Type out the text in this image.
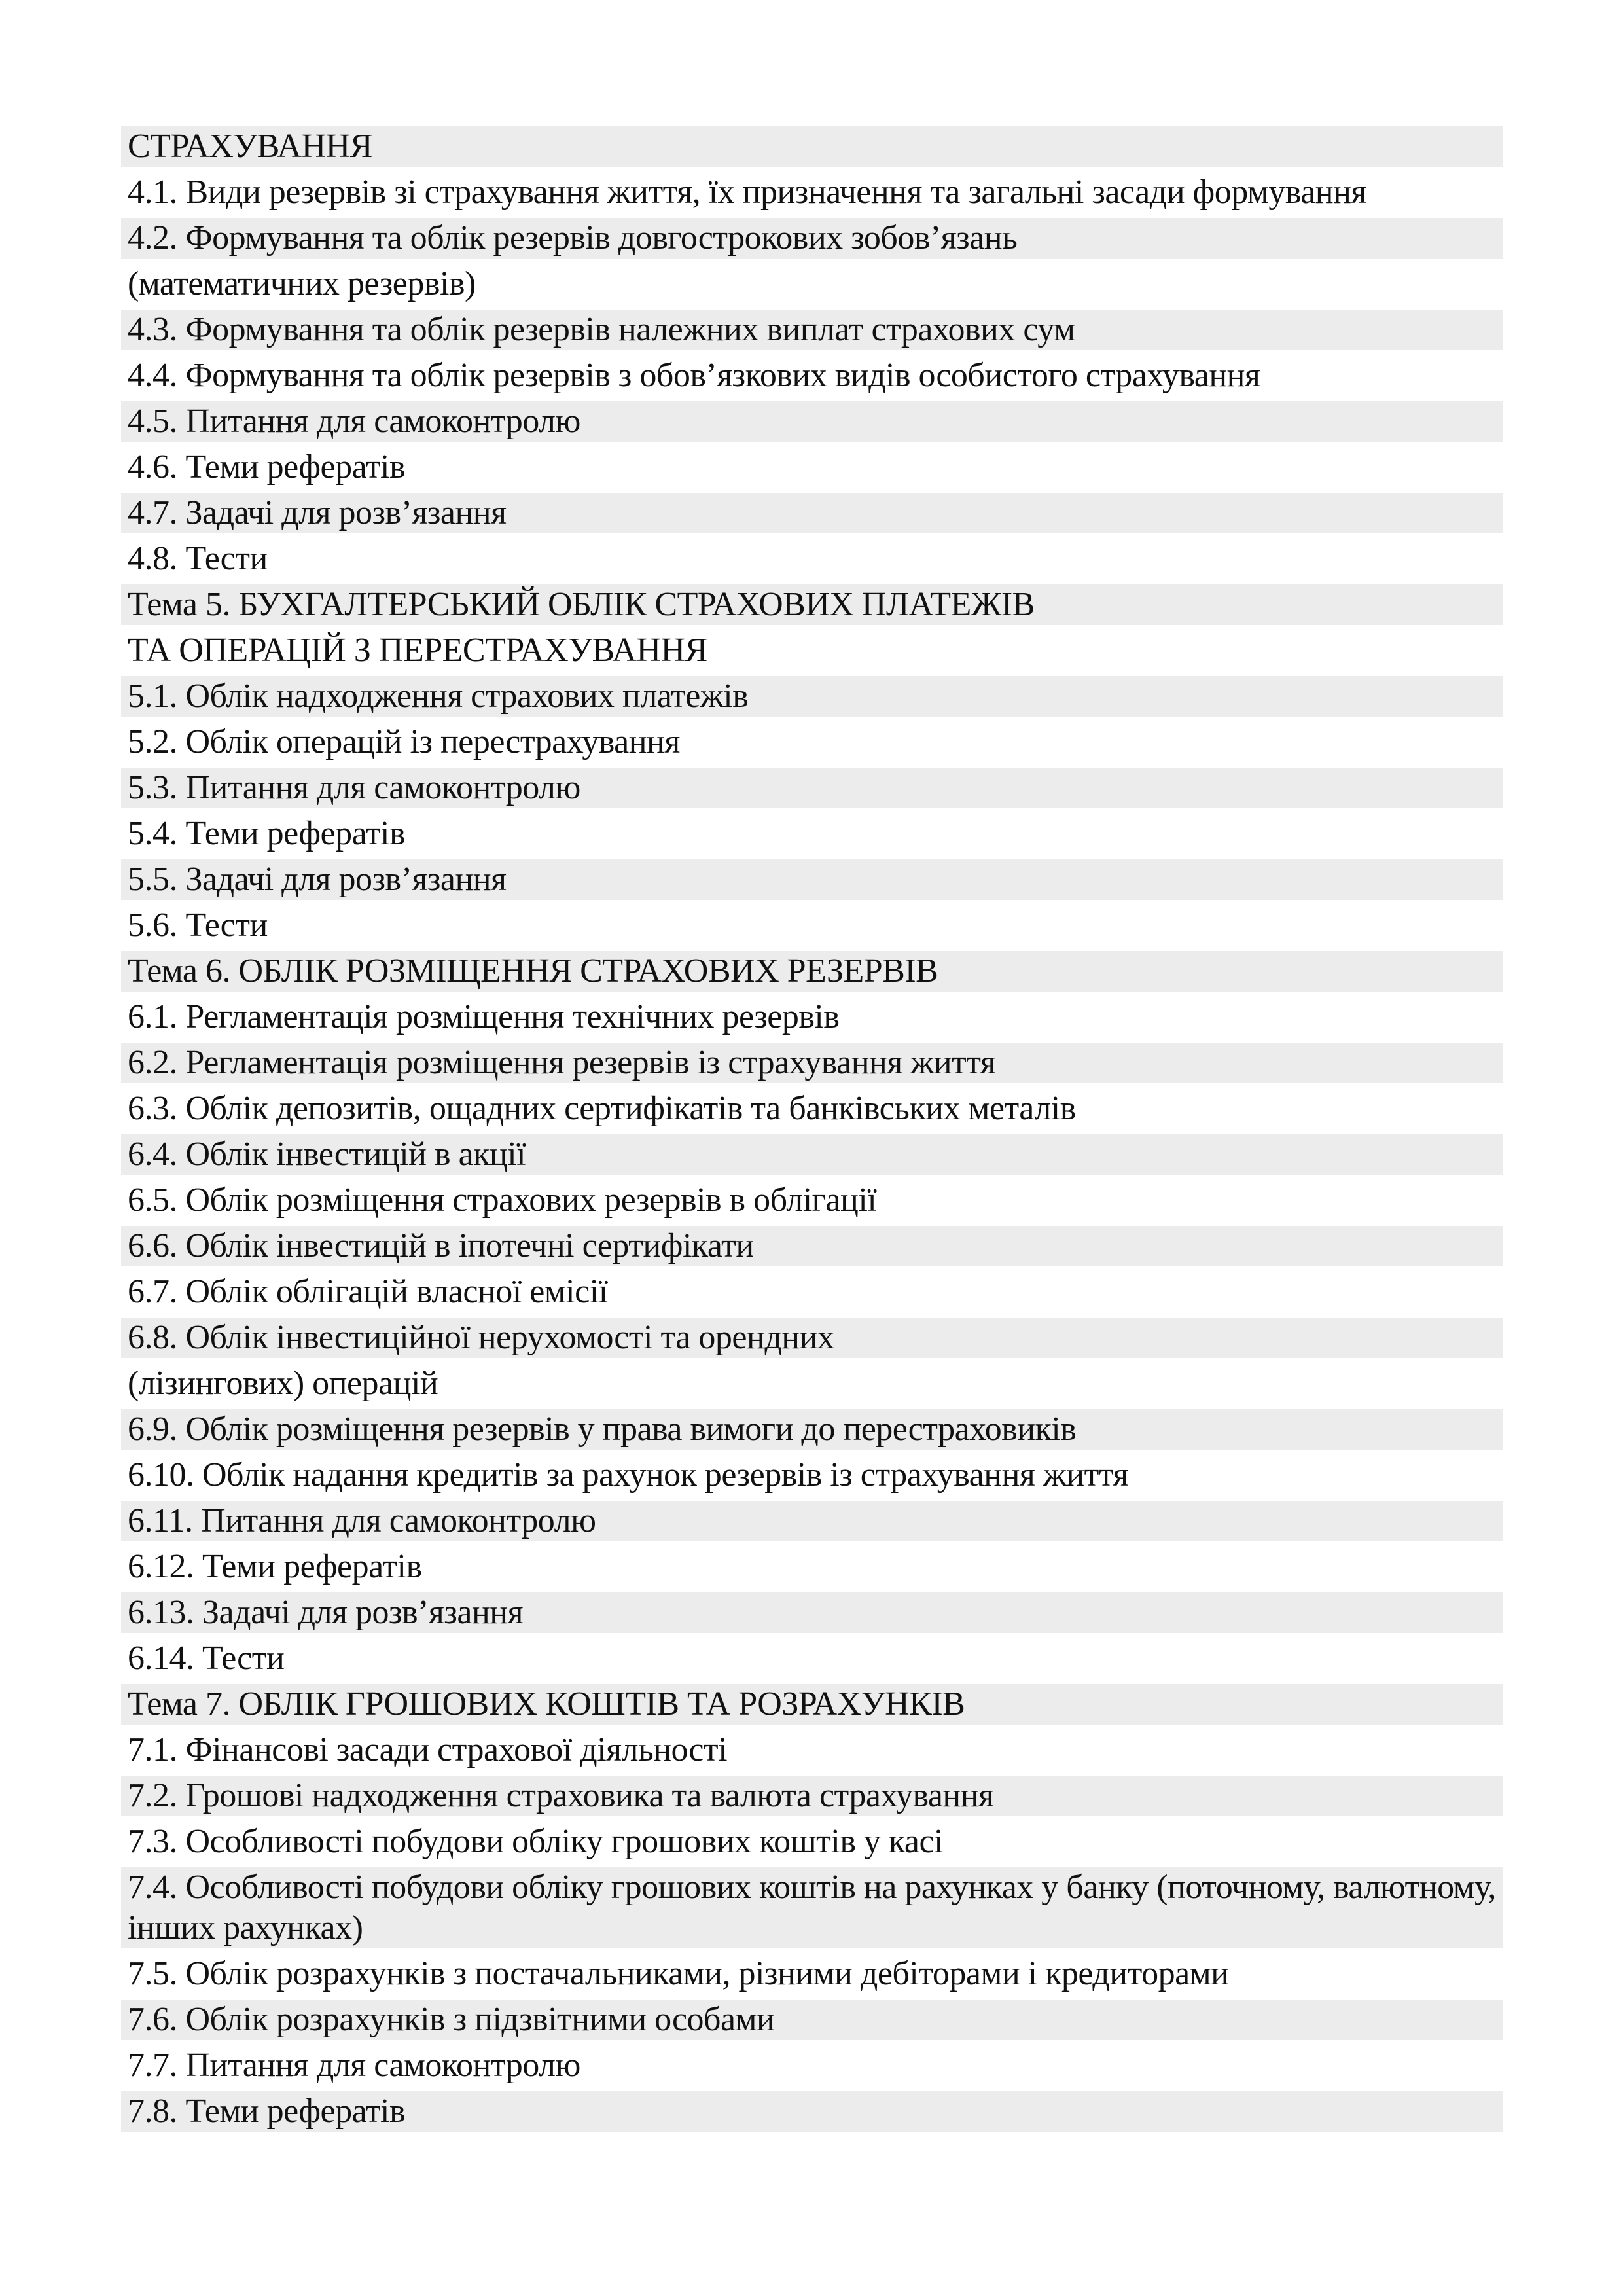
СТРАХУВАННЯ
4.1. Види резервів зі страхування життя, їх призначення та загальні засади формування
4.2. Формування та облік резервів довгострокових зобов’язань
(математичних резервів)
4.3. Формування та облік резервів належних виплат страхових сум
4.4. Формування та облік резервів з обов’язкових видів особистого страхування
4.5. Питання для самоконтролю
4.6. Теми рефератів
4.7. Задачі для розв’язання
4.8. Тести
Тема 5. БУХГАЛТЕРСЬКИЙ ОБЛІК СТРАХОВИХ ПЛАТЕЖІВ
ТА ОПЕРАЦІЙ З ПЕРЕСТРАХУВАННЯ
5.1. Облік надходження страхових платежів
5.2. Облік операцій із перестрахування
5.3. Питання для самоконтролю
5.4. Теми рефератів
5.5. Задачі для розв’язання
5.6. Тести
Тема 6. ОБЛІК РОЗМІЩЕННЯ СТРАХОВИХ РЕЗЕРВІВ
6.1. Регламентація розміщення технічних резервів
6.2. Регламентація розміщення резервів із страхування життя
6.3. Облік депозитів, ощадних сертифікатів та банківських металів
6.4. Облік інвестицій в акції
6.5. Облік розміщення страхових резервів в облігації
6.6. Облік інвестицій в іпотечні сертифікати
6.7. Облік облігацій власної емісії
6.8. Облік інвестиційної нерухомості та орендних
(лізингових) операцій
6.9. Облік розміщення резервів у права вимоги до перестраховиків
6.10. Облік надання кредитів за рахунок резервів із страхування життя
6.11. Питання для самоконтролю
6.12. Теми рефератів
6.13. Задачі для розв’язання
6.14. Тести
Тема 7. ОБЛІК ГРОШОВИХ КОШТІВ ТА РОЗРАХУНКІВ
7.1. Фінансові засади страхової діяльності
7.2. Грошові надходження страховика та валюта страхування
7.3. Особливості побудови обліку грошових коштів у касі
7.4. Особливості побудови обліку грошових коштів на рахунках у банку (поточному, валютному, інших рахунках)
7.5. Облік розрахунків з постачальниками, різними дебіторами і кредиторами
7.6. Облік розрахунків з підзвітними особами
7.7. Питання для самоконтролю
7.8. Теми рефератів
